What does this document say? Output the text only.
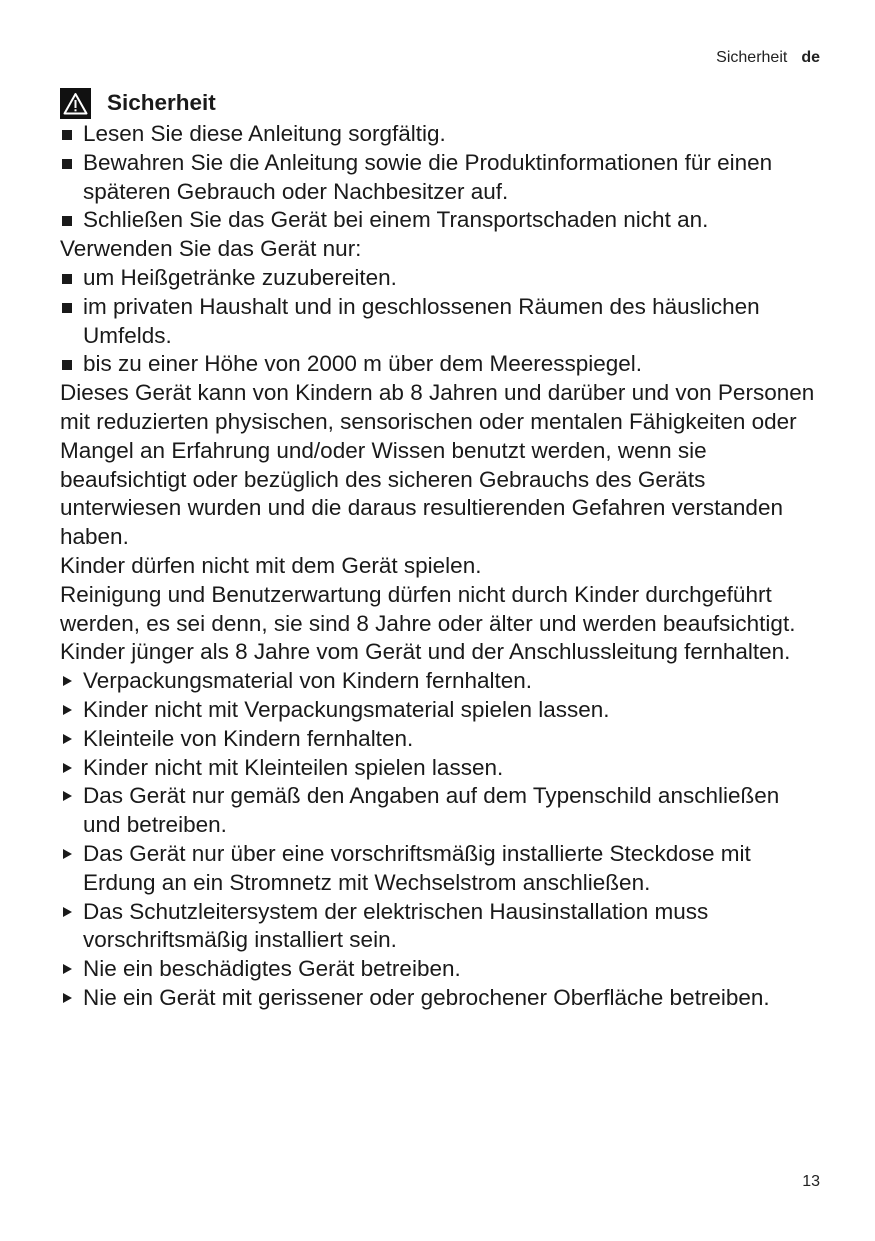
Sicherheit de
Sicherheit
Lesen Sie diese Anleitung sorgfältig.
Bewahren Sie die Anleitung sowie die Produktinformationen für einen späteren Gebrauch oder Nachbesitzer auf.
Schließen Sie das Gerät bei einem Transportschaden nicht an.

Verwenden Sie das Gerät nur:

um Heißgetränke zuzubereiten.
im privaten Haushalt und in geschlossenen Räumen des häuslichen Umfelds.
bis zu einer Höhe von 2000 m über dem Meeresspiegel.

Dieses Gerät kann von Kindern ab 8 Jahren und darüber und von Personen mit reduzierten physischen, sensorischen oder mentalen Fähigkeiten oder Mangel an Erfahrung und/oder Wissen benutzt werden, wenn sie beaufsichtigt oder bezüglich des sicheren Gebrauchs des Geräts unterwiesen wurden und die daraus resultierenden Gefahren verstanden haben.

Kinder dürfen nicht mit dem Gerät spielen.

Reinigung und Benutzerwartung dürfen nicht durch Kinder durchgeführt werden, es sei denn, sie sind 8 Jahre oder älter und werden beaufsichtigt.

Kinder jünger als 8 Jahre vom Gerät und der Anschlussleitung fernhalten.

Verpackungsmaterial von Kindern fernhalten.
Kinder nicht mit Verpackungsmaterial spielen lassen.
Kleinteile von Kindern fernhalten.
Kinder nicht mit Kleinteilen spielen lassen.
Das Gerät nur gemäß den Angaben auf dem Typenschild anschließen und betreiben.
Das Gerät nur über eine vorschriftsmäßig installierte Steckdose mit Erdung an ein Stromnetz mit Wechselstrom anschließen.
Das Schutzleitersystem der elektrischen Hausinstallation muss vorschriftsmäßig installiert sein.
Nie ein beschädigtes Gerät betreiben.
Nie ein Gerät mit gerissener oder gebrochener Oberfläche betreiben.
13
